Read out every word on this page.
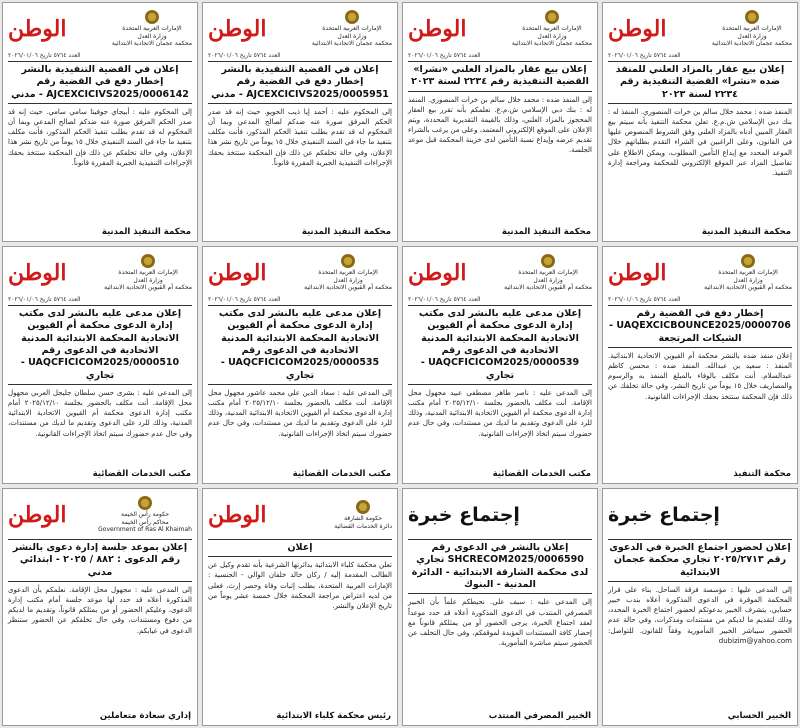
الإمارات العربية المتحدة
وزارة العدل
محكمة عجمان الاتحادية الابتدائية
الوطن
العدد ٥٧٦٤ تاريخ ٢٠٢٦/٠١/٠٦
إعلان بيع عقار بالمزاد العلني للمنفذ ضده «نشرا» القضية التنفيذية رقم ٢٢٣٤ لسنة ٢٠٢٣
المنفذ ضده : محمد خلال سالم بن خرات المنصوري. المنفذ له : بنك دبي الإسلامي ش.م.ع. تعلن محكمة التنفيذ بأنه سيتم بيع العقار المبين أدناه بالمزاد العلني وفق الشروط المنصوص عليها في القانون، وعلى الراغبين في الشراء التقدم بطلباتهم خلال الموعد المحدد مع إيداع التأمين المطلوب، ويمكن الاطلاع على تفاصيل المزاد عبر الموقع الإلكتروني للمحكمة ومراجعة إدارة التنفيذ.
محكمة التنفيذ المدنية
الإمارات العربية المتحدة
وزارة العدل
محكمة عجمان الاتحادية الابتدائية
الوطن
العدد ٥٧٦٤ تاريخ ٢٠٢٦/٠١/٠٦
إعلان بيع عقار بالمزاد العلني «نشرا» القضية التنفيذية رقم ٢٢٣٤ لسنة ٢٠٢٣
إلى المنفذ ضده : محمد خلال سالم بن خرات المنصوري. المنفذ له : بنك دبي الإسلامي ش.م.ع. نعلمكم بأنه تقرر بيع العقار المحجوز بالمزاد العلني، وذلك بالقيمة التقديرية المحددة، ويتم الإعلان على الموقع الإلكتروني المعتمد، وعلى من يرغب بالشراء تقديم عرضه وإيداع نسبة التأمين لدى خزينة المحكمة قبل موعد الجلسة.
محكمة التنفيذ المدنية
الإمارات العربية المتحدة
وزارة العدل
محكمة عجمان الاتحادية الابتدائية
الوطن
العدد ٥٧٦٤ تاريخ ٢٠٢٦/٠١/٠٦
إعلان في القضية التنفيذية بالنشر إخطار دفع في القضية رقم AJCEXCICIVS2025/0005951 - مدني
إلى المحكوم عليه : أحمد إيا ذيب الحويو. حيث إنه قد صدر الحكم المرفق صورة عنه ضدكم لصالح المدعي وبما أن المحكوم له قد تقدم بطلب تنفيذ الحكم المذكور، فأنت مكلف بتنفيذ ما جاء في السند التنفيذي خلال ١٥ يوماً من تاريخ نشر هذا الإعلان، وفي حالة تخلفكم عن ذلك فإن المحكمة ستتخذ بحقك الإجراءات التنفيذية الجبرية المقررة قانوناً.
محكمة التنفيذ المدنية
الإمارات العربية المتحدة
وزارة العدل
محكمة عجمان الاتحادية الابتدائية
الوطن
العدد ٥٧٦٤ تاريخ ٢٠٢٦/٠١/٠٦
إعلان في القضية التنفيذية بالنشر إخطار دفع في القضية رقم AJCEXCICIVS2025/0006142 - مدني
إلى المحكوم عليه : أبيجاي جوفيتا سامي سامي. حيث إنه قد صدر الحكم المرفق صورة عنه ضدكم لصالح المدعي وبما أن المحكوم له قد تقدم بطلب تنفيذ الحكم المذكور، فأنت مكلف بتنفيذ ما جاء في السند التنفيذي خلال ١٥ يوماً من تاريخ نشر هذا الإعلان، وفي حالة تخلفكم عن ذلك فإن المحكمة ستتخذ بحقك الإجراءات التنفيذية الجبرية المقررة قانوناً.
محكمة التنفيذ المدنية
الإمارات العربية المتحدة
وزارة العدل
محكمة أم القيوين الاتحادية الابتدائية
الوطن
العدد ٥٧٦٤ تاريخ ٢٠٢٦/٠١/٠٦
إخطار دفع في القضية رقم UAQEXCICBOUNCE2025/0000706 - الشيكات المرتجعة
إعلان منفذ ضده بالنشر محكمة أم القيوين الاتحادية الابتدائية. المنفذ : سعيد بن عبدالله. المنفذ ضده : محسن كاظم عبدالسلام. أنت مكلف بالوفاء بالمبلغ المنفذ به والرسوم والمصاريف خلال ١٥ يوماً من تاريخ النشر، وفي حالة تخلفك عن ذلك فإن المحكمة ستتخذ بحقك الإجراءات القانونية.
محكمة التنفيذ
الإمارات العربية المتحدة
وزارة العدل
محكمة أم القيوين الاتحادية الابتدائية
الوطن
العدد ٥٧٦٤ تاريخ ٢٠٢٦/٠١/٠٦
إعلان مدعى عليه بالنشر لدى مكتب إدارة الدعوى محكمة أم القيوين الاتحادية المحكمة الابتدائية المدنية الاتحادية في الدعوى رقم UAQCFICICOM2025/0000539 - تجاري
إلى المدعى عليه : ناصر طاهر مصطفى عبيد مجهول محل الإقامة. أنت مكلف بالحضور بجلسة ٢٠٢٥/١٢/١٠ أمام مكتب إدارة الدعوى محكمة أم القيوين الاتحادية الابتدائية المدنية، وذلك للرد على الدعوى وتقديم ما لديك من مستندات، وفي حال عدم حضورك سيتم اتخاذ الإجراءات القانونية.
مكتب الخدمات القضائية
الإمارات العربية المتحدة
وزارة العدل
محكمة أم القيوين الاتحادية الابتدائية
الوطن
العدد ٥٧٦٤ تاريخ ٢٠٢٦/٠١/٠٦
إعلان مدعى عليه بالنشر لدى مكتب إدارة الدعوى محكمة أم القيوين الاتحادية المحكمة الابتدائية المدنية الاتحادية في الدعوى رقم UAQCFICICOM2025/0000535 - تجاري
إلى المدعى عليه : سعاد الدين علي محمد عاشور مجهول محل الإقامة. أنت مكلف بالحضور بجلسة ٢٠٢٥/١٢/١٠ أمام مكتب إدارة الدعوى محكمة أم القيوين الاتحادية الابتدائية المدنية، وذلك للرد على الدعوى وتقديم ما لديك من مستندات، وفي حال عدم حضورك سيتم اتخاذ الإجراءات القانونية.
مكتب الخدمات القضائية
الإمارات العربية المتحدة
وزارة العدل
محكمة أم القيوين الاتحادية الابتدائية
الوطن
العدد ٥٧٦٤ تاريخ ٢٠٢٦/٠١/٠٦
إعلان مدعى عليه بالنشر لدى مكتب إدارة الدعوى محكمة أم القيوين الاتحادية المحكمة الابتدائية المدنية الاتحادية في الدعوى رقم UAQCFICICOM2025/0000510 - تجاري
إلى المدعى عليه : بشرى حسن سلطان جليجل العربي مجهول محل الإقامة. أنت مكلف بالحضور بجلسة ٢٠٢٥/١٢/١٠ أمام مكتب إدارة الدعوى محكمة أم القيوين الاتحادية الابتدائية المدنية، وذلك للرد على الدعوى وتقديم ما لديك من مستندات، وفي حال عدم حضورك سيتم اتخاذ الإجراءات القانونية.
مكتب الخدمات القضائية
إجتماع خبرة
إعلان لحضور اجتماع الخبرة في الدعوى رقم ٢٠٢٥/٢٧١٣ تجاري محكمة عجمان الابتدائية
إلى المدعى عليها : مؤسسة فرقة الساحل. بناء على قرار المحكمة الموقرة في الدعوى المذكورة أعلاه بندب خبير حسابي، يتشرف الخبير بدعوتكم لحضور اجتماع الخبرة المحدد، وذلك لتقديم ما لديكم من مستندات ومذكرات، وفي حالة عدم الحضور سيباشر الخبير المأمورية وفقاً للقانون. للتواصل: dubizim@yahoo.com
الخبير الحسابي
إجتماع خبرة
إعلان بالنشر في الدعوى رقم SHCRECOM2025/0006590 تجاري لدى محكمة الشارقة الابتدائية - الدائرة المدنية - البنوك
إلى المدعى عليه : سيف علي. نحيطكم علماً بأن الخبير المصرفي المنتدب في الدعوى المذكورة أعلاه قد حدد موعداً لعقد اجتماع الخبرة، يرجى الحضور أو من يمثلكم قانوناً مع إحضار كافة المستندات المؤيدة لموقفكم، وفي حال التخلف عن الحضور سيتم مباشرة المأمورية.
الخبير المصرفي المنتدب
حكومة الشارقة
دائرة الخدمات القضائية
الوطن
إعلان
تعلن محكمة كلباء الابتدائية بدائرتها الشرعية بأنه تقدم وكيل عن الطالب المقدمة إليه / ركان خالد خلفان الوالي - الجنسية : الإمارات العربية المتحدة، بطلب إثبات وفاة وحصر إرث، فعلى من لديه اعتراض مراجعة المحكمة خلال خمسة عشر يوماً من تاريخ الإعلان والنشر.
رئيس محكمة كلباء الابتدائية
حكومة رأس الخيمة
محاكم رأس الخيمة
Government of Ras Al Khaimah
الوطن
إعلان بموعد جلسة إدارة دعوى بالنشر رقم الدعوى : ٨٨٢ / ٢٠٢٥ - ابتدائي مدني
إلى المدعى عليه : مجهول محل الإقامة. نعلمكم بأن الدعوى المذكورة أعلاه قد حدد لها موعد جلسة أمام مكتب إدارة الدعوى، وعليكم الحضور أو من يمثلكم قانوناً، وتقديم ما لديكم من دفوع ومستندات، وفي حال تخلفكم عن الحضور ستنظر الدعوى في غيابكم.
إداري سعادة متعاملين
